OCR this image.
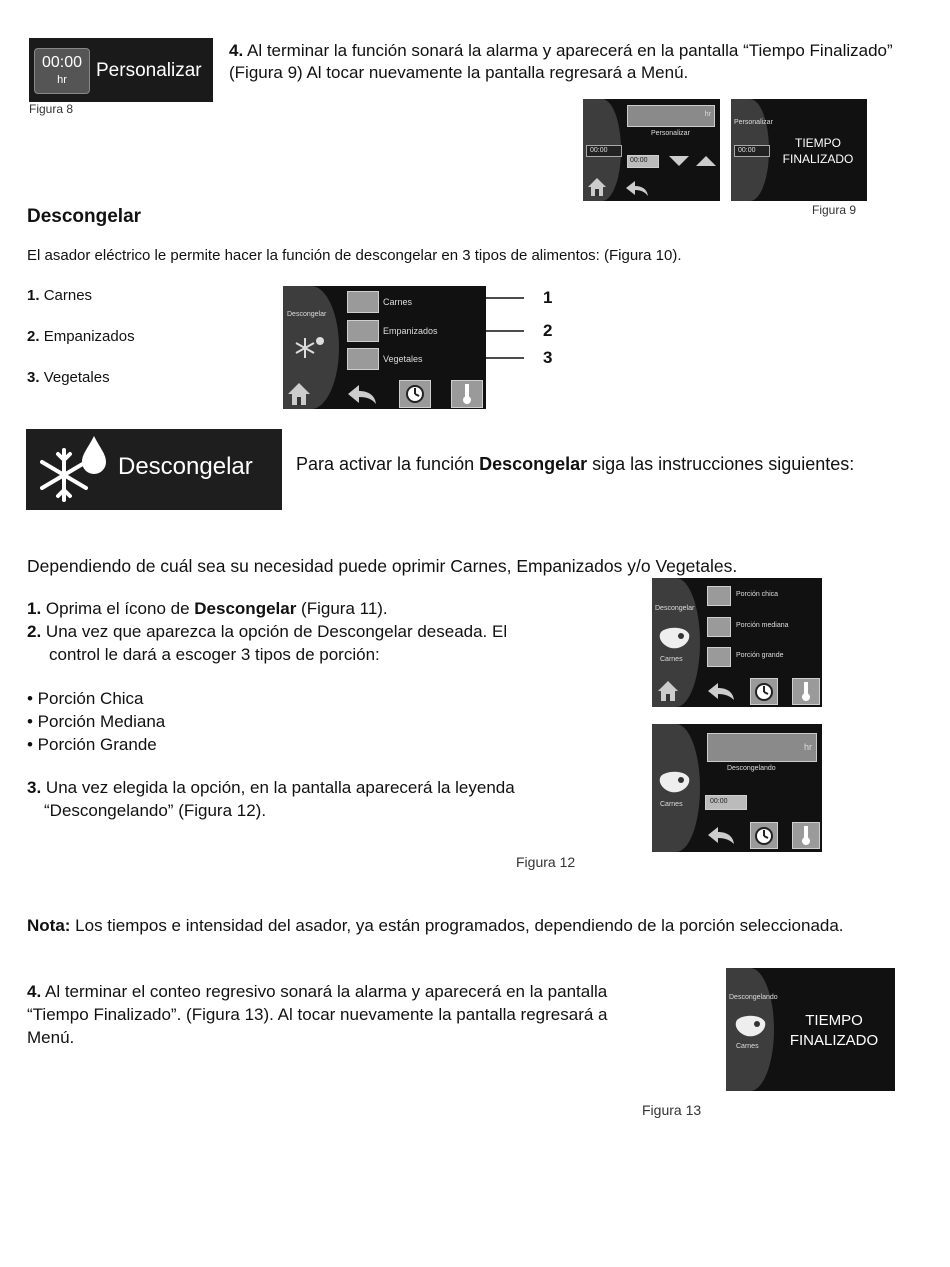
00:00
hr	Personalizar
Figura 8
4. Al terminar la función sonará la alarma y aparecerá en la pantalla “Tiempo Finalizado” (Figura 9) Al tocar nuevamente la pantalla regresará a Menú.
hr
Personalizar
00:00
00:00
Personalizar
00:00
TIEMPO
FINALIZADO
Figura 9
Descongelar
El asador eléctrico le permite hacer la función de descongelar en 3 tipos de alimentos: (Figura 10).
1. Carnes
2. Empanizados
3. Vegetales
Descongelar
Carnes
Empanizados
Vegetales
1
2
3
Descongelar Para activar la función Descongelar siga las instrucciones siguientes:
Dependiendo de cuál sea su necesidad puede oprimir Carnes, Empanizados y/o Vegetales.
1. Oprima el ícono de Descongelar (Figura 11).
2. Una vez que aparezca la opción de Descongelar deseada. El
control le dará a escoger 3 tipos de porción:
• Porción Chica
• Porción Mediana
• Porción Grande
3. Una vez elegida la opción, en la pantalla aparecerá la leyenda
“Descongelando” (Figura 12).
Descongelar
Carnes
Porción chica
Porción mediana
Porción grande
Carnes
hr
Descongelando
00:00
Figura 12
Nota: Los tiempos e intensidad del asador, ya están programados, dependiendo de la porción seleccionada.
4. Al terminar el conteo regresivo sonará la alarma y aparecerá en la pantalla
“Tiempo Finalizado”. (Figura 13). Al tocar nuevamente la pantalla regresará a
Menú.
Descongelando
Carnes
TIEMPO
FINALIZADO
Figura 13
